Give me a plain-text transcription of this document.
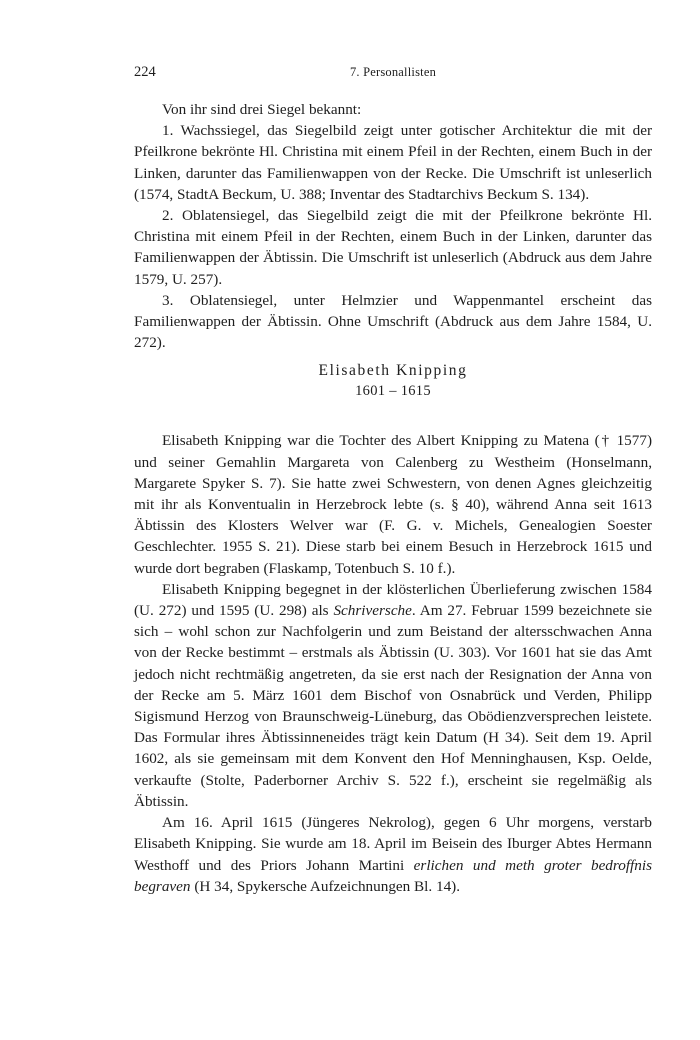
224	7. Personallisten

Von ihr sind drei Siegel bekannt:

1. Wachssiegel, das Siegelbild zeigt unter gotischer Architektur die mit der Pfeilkrone bekrönte Hl. Christina mit einem Pfeil in der Rechten, einem Buch in der Linken, darunter das Familienwappen von der Recke. Die Umschrift ist unleserlich (1574, StadtA Beckum, U. 388; Inventar des Stadtarchivs Beckum S. 134).

2. Oblatensiegel, das Siegelbild zeigt die mit der Pfeilkrone bekrönte Hl. Christina mit einem Pfeil in der Rechten, einem Buch in der Linken, darunter das Familienwappen der Äbtissin. Die Umschrift ist unleserlich (Abdruck aus dem Jahre 1579, U. 257).

3. Oblatensiegel, unter Helmzier und Wappenmantel erscheint das Familienwappen der Äbtissin. Ohne Umschrift (Abdruck aus dem Jahre 1584, U. 272).

Elisabeth Knipping
1601 – 1615

Elisabeth Knipping war die Tochter des Albert Knipping zu Matena († 1577) und seiner Gemahlin Margareta von Calenberg zu Westheim (Honselmann, Margarete Spyker S. 7). Sie hatte zwei Schwestern, von denen Agnes gleichzeitig mit ihr als Konventualin in Herzebrock lebte (s. § 40), während Anna seit 1613 Äbtissin des Klosters Welver war (F. G. v. Michels, Genealogien Soester Geschlechter. 1955 S. 21). Diese starb bei einem Besuch in Herzebrock 1615 und wurde dort begraben (Flaskamp, Totenbuch S. 10 f.).

Elisabeth Knipping begegnet in der klösterlichen Überlieferung zwischen 1584 (U. 272) und 1595 (U. 298) als Schriversche. Am 27. Februar 1599 bezeichnete sie sich – wohl schon zur Nachfolgerin und zum Beistand der altersschwachen Anna von der Recke bestimmt – erstmals als Äbtissin (U. 303). Vor 1601 hat sie das Amt jedoch nicht rechtmäßig angetreten, da sie erst nach der Resignation der Anna von der Recke am 5. März 1601 dem Bischof von Osnabrück und Verden, Philipp Sigismund Herzog von Braunschweig-Lüneburg, das Obödienzversprechen leistete. Das Formular ihres Äbtissinneneides trägt kein Datum (H 34). Seit dem 19. April 1602, als sie gemeinsam mit dem Konvent den Hof Menninghausen, Ksp. Oelde, verkaufte (Stolte, Paderborner Archiv S. 522 f.), erscheint sie regelmäßig als Äbtissin.

Am 16. April 1615 (Jüngeres Nekrolog), gegen 6 Uhr morgens, verstarb Elisabeth Knipping. Sie wurde am 18. April im Beisein des Iburger Abtes Hermann Westhoff und des Priors Johann Martini erlichen und meth groter bedroffnis begraven (H 34, Spykersche Aufzeichnungen Bl. 14).
